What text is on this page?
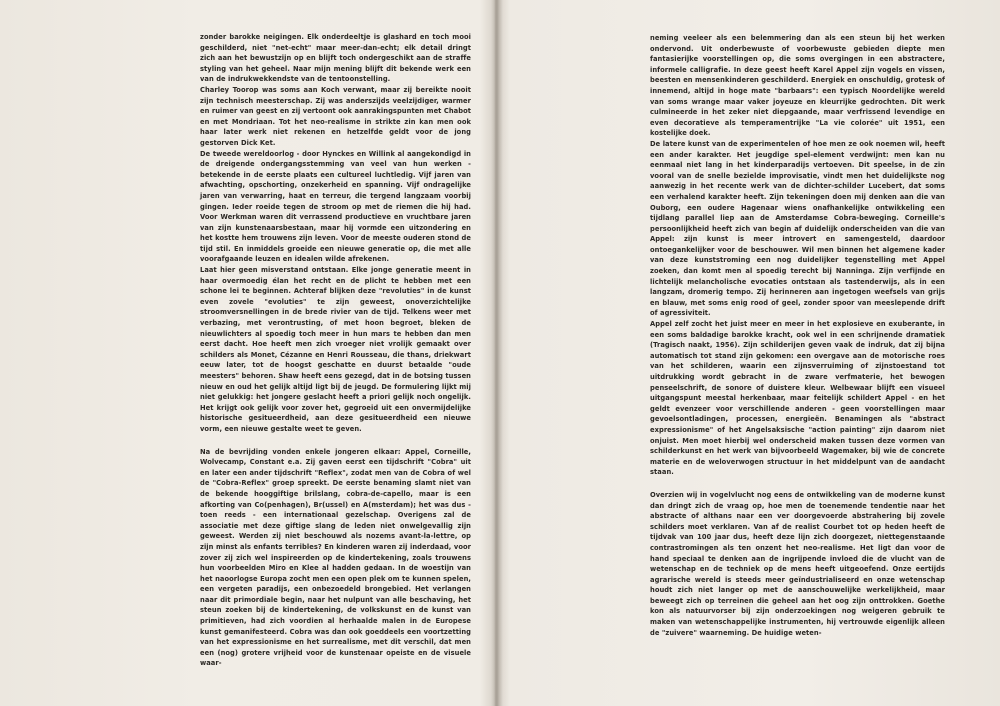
zonder barokke neigingen. Elk onderdeeltje is glashard en toch mooi geschilderd, niet "net-echt" maar meer-dan-echt; elk detail dringt zich aan het bewustzijn op en blijft toch ondergeschikt aan de straffe styling van het geheel. Naar mijn mening blijft dit bekende werk een van de indrukwekkendste van de tentoonstelling.

Charley Toorop was soms aan Koch verwant, maar zij bereikte nooit zijn technisch meesterschap. Zij was anderszijds veelzijdiger, warmer en ruimer van geest en zij vertoont ook aanrakingspunten met Chabot en met Mondriaan. Tot het neo-realisme in strikte zin kan men ook haar later werk niet rekenen en hetzelfde geldt voor de jong gestorven Dick Ket.

De tweede wereldoorlog - door Hynckes en Willink al aangekondigd in de dreigende ondergangsstemming van veel van hun werken - betekende in de eerste plaats een cultureel luchtledig. Vijf jaren van afwachting, opschorting, onzekerheid en spanning. Vijf ondragelijke jaren van verwarring, haat en terreur, die tergend langzaam voorbij gingen. Ieder roeide tegen de stroom op met de riemen die hij had. Voor Werkman waren dit verrassend productieve en vruchtbare jaren van zijn kunstenaarsbestaan, maar hij vormde een uitzondering en het kostte hem trouwens zijn leven. Voor de meeste ouderen stond de tijd stil. En inmiddels groeide een nieuwe generatie op, die met alle voorafgaande leuzen en idealen wilde afrekenen.

Laat hier geen misverstand ontstaan. Elke jonge generatie meent in haar overmoedig élan het recht en de plicht te hebben met een schone lei te beginnen. Achteraf blijken deze "revoluties" in de kunst even zovele "evoluties" te zijn geweest, onoverzichtelijke stroomversnellingen in de brede rivier van de tijd. Telkens weer met verbazing, met verontrusting, of met hoon begroet, bleken de nieuwlichters al spoedig toch meer in hun mars te hebben dan men eerst dacht. Hoe heeft men zich vroeger niet vrolijk gemaakt over schilders als Monet, Cézanne en Henri Rousseau, die thans, driekwart eeuw later, tot de hoogst geschatte en duurst betaalde "oude meesters" behoren. Shaw heeft eens gezegd, dat in de botsing tussen nieuw en oud het gelijk altijd ligt bij de jeugd. De formulering lijkt mij niet gelukkig: het jongere geslacht heeft a priori gelijk noch ongelijk. Het krijgt ook gelijk voor zover het, gegroeid uit een onvermijdelijke historische gesitueerdheid, aan deze gesitueerdheid een nieuwe vorm, een nieuwe gestalte weet te geven.

Na de bevrijding vonden enkele jongeren elkaar: Appel, Corneille, Wolvecamp, Constant e.a. Zij gaven eerst een tijdschrift "Cobra" uit en later een ander tijdschrift "Reflex", zodat men van de Cobra of wel de "Cobra-Reflex" groep spreekt. De eerste benaming slamt niet van de bekende hooggiftige brilslang, cobra-de-capello, maar is een afkorting van Co(penhagen), Br(ussel) en A(msterdam); het was dus - toen reeds - een internationaal gezelschap. Overigens zal de associatie met deze giftige slang de leden niet onwelgevallig zijn geweest. Werden zij niet beschouwd als nozems avant-la-lettre, op zijn minst als enfants terribles? En kinderen waren zij inderdaad, voor zover zij zich wel inspireerden op de kindertekening, zoals trouwens hun voorbeelden Miro en Klee al hadden gedaan. In de woestijn van het naoorlogse Europa zocht men een open plek om te kunnen spelen, een vergeten paradijs, een onbezoedeld brongebied. Het verlangen naar dit primordiale begin, naar het nulpunt van alle beschaving, het steun zoeken bij de kindertekening, de volkskunst en de kunst van primitieven, had zich voordien al herhaalde malen in de Europese kunst gemanifesteerd. Cobra was dan ook goeddeels een voortzetting van het expressionisme en het surrealisme, met dit verschil, dat men een (nog) grotere vrijheid voor de kunstenaar opeiste en de visuele waar-

neming veeleer als een belemmering dan als een steun bij het werken ondervond. Uit onderbewuste of voorbewuste gebieden diepte men fantasierijke voorstellingen op, die soms overgingen in een abstractere, informele calligrafie. In deze geest heeft Karel Appel zijn vogels en vissen, beesten en mensenkinderen geschilderd. Energiek en onschuldig, grotesk of innemend, altijd in hoge mate "barbaars": een typisch Noordelijke wereld van soms wrange maar vaker joyeuze en kleurrijke gedrochten. Dit werk culmineerde in het zeker niet diepgaande, maar verfrissend levendige en even decoratieve als temperamentrijke "La vie colorée" uit 1951, een kostelijke doek.

De latere kunst van de experimentelen of hoe men ze ook noemen wil, heeft een ander karakter. Het jeugdige spel-element verdwijnt: men kan nu eenmaal niet lang in het kinderparadijs vertoeven. Dit speelse, in de zin vooral van de snelle bezielde improvisatie, vindt men het duidelijkste nog aanwezig in het recente werk van de dichter-schilder Lucebert, dat soms een verhalend karakter heeft. Zijn tekeningen doen mij denken aan die van Ouborg, een oudere Hagenaar wiens onafhankelijke ontwikkeling een tijdlang parallel liep aan de Amsterdamse Cobra-beweging. Corneille's persoonlijkheid heeft zich van begin af duidelijk onderscheiden van die van Appel: zijn kunst is meer introvert en samengesteld, daardoor ontoegankelijker voor de beschouwer. Wil men binnen het algemene kader van deze kunststroming een nog duidelijker tegenstelling met Appel zoeken, dan komt men al spoedig terecht bij Nanninga. Zijn verfijnde en lichtelijk melancholische evocaties ontstaan als tastenderwijs, als in een langzam, dromerig tempo. Zij herinneren aan ingetogen weefsels van grijs en blauw, met soms enig rood of geel, zonder spoor van meeslepende drift of agressiviteit.

Appel zelf zocht het juist meer en meer in het explosieve en exuberante, in een soms baldadige barokke kracht, ook wel in een schrijnende dramatiek (Tragisch naakt, 1956). Zijn schilderijen geven vaak de indruk, dat zij bijna automatisch tot stand zijn gekomen: een overgave aan de motorische roes van het schilderen, waarin een zijnsverruiming of zijnstoestand tot uitdrukking wordt gebracht in de zware verfmaterie, het bewogen penseelschrift, de sonore of duistere kleur. Welbewaar blijft een visueel uitgangspunt meestal herkenbaar, maar feitelijk schildert Appel - en het geldt evenzeer voor verschillende anderen - geen voorstellingen maar gevoelsontladingen, processen, energieën. Benamingen als "abstract expressionisme" of het Angelsaksische "action painting" zijn daarom niet onjuist. Men moet hierbij wel onderscheid maken tussen deze vormen van schilderkunst en het werk van bijvoorbeeld Wagemaker, bij wie de concrete materie en de weloverwogen structuur in het middelpunt van de aandacht staan.

Overzien wij in vogelvlucht nog eens de ontwikkeling van de moderne kunst dan dringt zich de vraag op, hoe men de toenemende tendentie naar het abstracte of althans naar een ver doorgevoerde abstrahering bij zovele schilders moet verklaren. Van af de realist Courbet tot op heden heeft de tijdvak van 100 jaar dus, heeft deze lijn zich doorgezet, niettegenstaande contrastromingen als ten onzent het neo-realisme. Het ligt dan voor de hand speciaal te denken aan de ingrijpende invloed die de vlucht van de wetenschap en de techniek op de mens heeft uitgeoefend. Onze eertijds agrarische wereld is steeds meer geïndustrialiseerd en onze wetenschap houdt zich niet langer op met de aanschouwelijke werkelijkheid, maar beweegt zich op terreinen die geheel aan het oog zijn onttrokken. Goethe kon als natuurvorser bij zijn onderzoekingen nog weigeren gebruik te maken van wetenschappelijke instrumenten, hij vertrouwde eigenlijk alleen de "zuivere" waarneming. De huidige weten-
